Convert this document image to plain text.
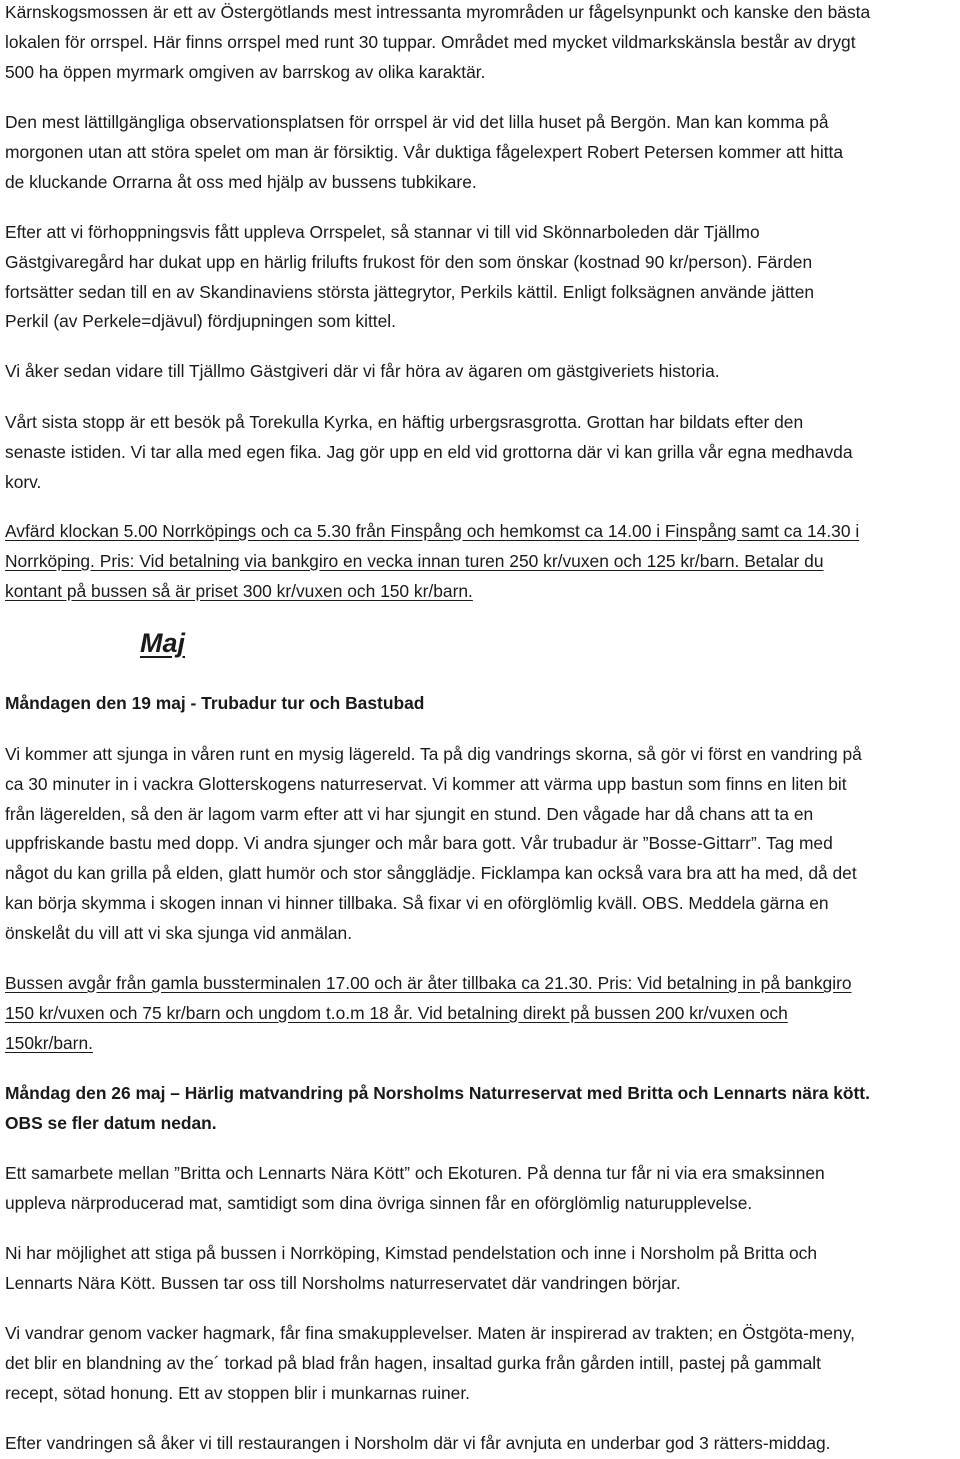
Kärnskogsmossen är ett av Östergötlands mest intressanta myrområden ur fågelsynpunkt och kanske den bästa
lokalen för orrspel. Här finns orrspel med runt 30 tuppar. Området med mycket vildmarkskänsla består av drygt
500 ha öppen myrmark omgiven av barrskog av olika karaktär.

Den mest lättillgängliga observationsplatsen för orrspel är vid det lilla huset på Bergön. Man kan komma på
morgonen utan att störa spelet om man är försiktig. Vår duktiga fågelexpert Robert Petersen kommer att hitta
de kluckande Orrarna åt oss med hjälp av bussens tubkikare.

Efter att vi förhoppningsvis fått uppleva Orrspelet, så stannar vi till vid Skönnarboleden där Tjällmo
Gästgivaregård har dukat upp en härlig frilufts frukost för den som önskar (kostnad 90 kr/person). Färden
fortsätter sedan till en av Skandinaviens största jättegrytor, Perkils kättil. Enligt folksägnen använde jätten
Perkil (av Perkele=djävul) fördjupningen som kittel.

Vi åker sedan vidare till Tjällmo Gästgiveri där vi får höra av ägaren om gästgiveriets historia.

Vårt sista stopp är ett besök på Torekulla Kyrka, en häftig urbergsrasgrotta. Grottan har bildats efter den
senaste istiden. Vi tar alla med egen fika. Jag gör upp en eld vid grottorna där vi kan grilla vår egna medhavda
korv.

Avfärd klockan 5.00 Norrköpings och ca 5.30 från Finspång och hemkomst ca 14.00 i Finspång samt ca 14.30 i
Norrköping. Pris: Vid betalning via bankgiro en vecka innan turen 250 kr/vuxen och 125 kr/barn. Betalar du
kontant på bussen så är priset 300 kr/vuxen och 150 kr/barn.

Maj

Måndagen den 19 maj - Trubadur tur och Bastubad

Vi kommer att sjunga in våren runt en mysig lägereld. Ta på dig vandrings skorna, så gör vi först en vandring på
ca 30 minuter in i vackra Glotterskogens naturreservat. Vi kommer att värma upp bastun som finns en liten bit
från lägerelden, så den är lagom varm efter att vi har sjungit en stund. Den vågade har då chans att ta en
uppfriskande bastu med dopp. Vi andra sjunger och mår bara gott. Vår trubadur är ”Bosse-Gittarr”. Tag med
något du kan grilla på elden, glatt humör och stor sångglädje. Ficklampa kan också vara bra att ha med, då det
kan börja skymma i skogen innan vi hinner tillbaka. Så fixar vi en oförglömlig kväll. OBS. Meddela gärna en
önskelåt du vill att vi ska sjunga vid anmälan.

Bussen avgår från gamla bussterminalen 17.00 och är åter tillbaka ca 21.30. Pris: Vid betalning in på bankgiro
150 kr/vuxen och 75 kr/barn och ungdom t.o.m 18 år. Vid betalning direkt på bussen 200 kr/vuxen och
150kr/barn.

Måndag den 26 maj – Härlig matvandring på Norsholms Naturreservat med Britta och Lennarts nära kött.
OBS se fler datum nedan.

Ett samarbete mellan ”Britta och Lennarts Nära Kött” och Ekoturen. På denna tur får ni via era smaksinnen
uppleva närproducerad mat, samtidigt som dina övriga sinnen får en oförglömlig naturupplevelse.

Ni har möjlighet att stiga på bussen i Norrköping, Kimstad pendelstation och inne i Norsholm på Britta och
Lennarts Nära Kött. Bussen tar oss till Norsholms naturreservatet där vandringen börjar.

Vi vandrar genom vacker hagmark, får fina smakupplevelser. Maten är inspirerad av trakten; en Östgöta-meny,
det blir en blandning av the´ torkad på blad från hagen, insaltad gurka från gården intill, pastej på gammalt
recept, sötad honung. Ett av stoppen blir i munkarnas ruiner.

Efter vandringen så åker vi till restaurangen i Norsholm där vi får avnjuta en underbar god 3 rätters-middag.
